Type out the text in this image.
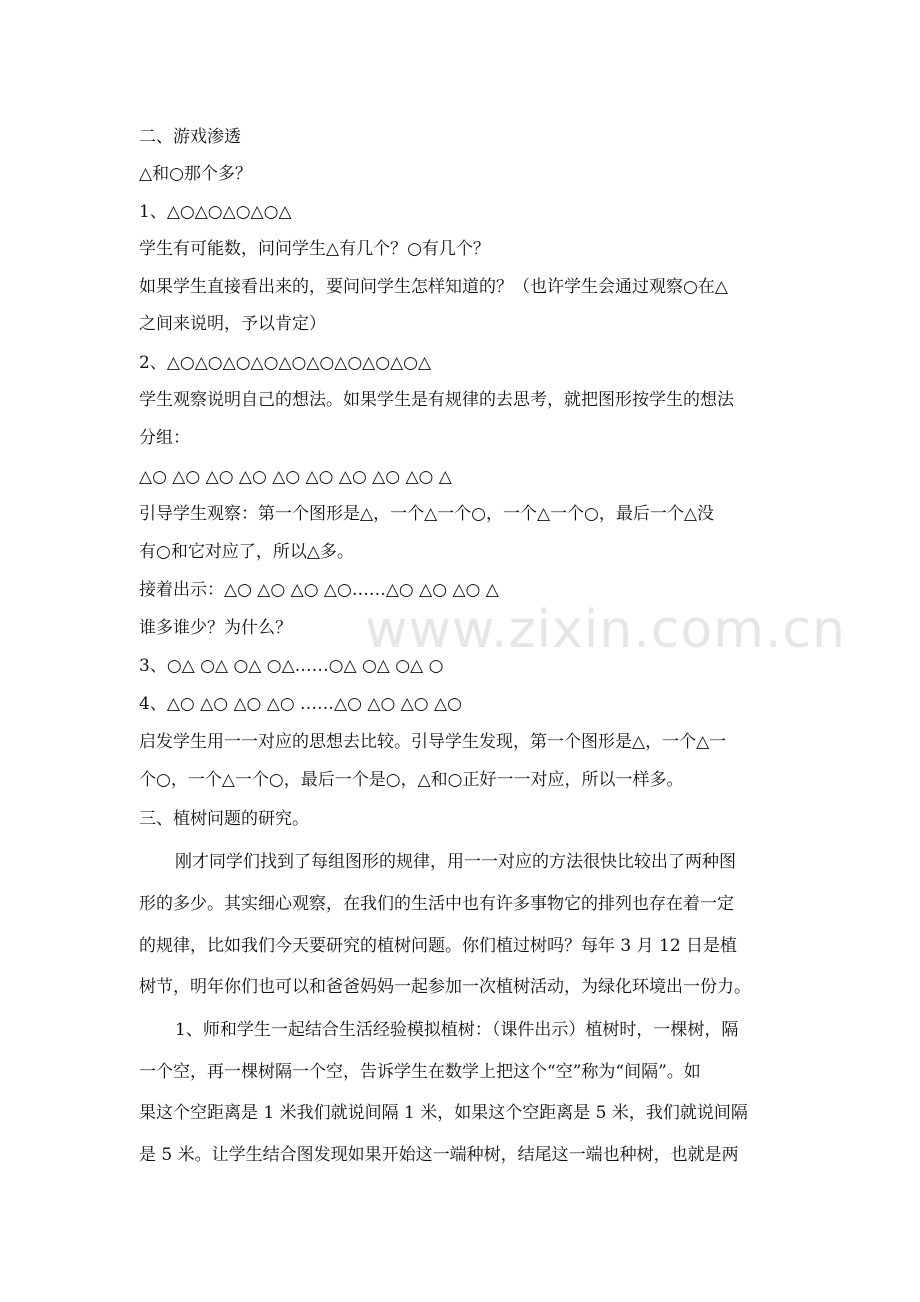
www.zixin.com.cn
二、游戏渗透
△和○那个多？
1、△○△○△○△○△
学生有可能数，问问学生△有几个？○有几个？
如果学生直接看出来的，要问问学生怎样知道的？（也许学生会通过观察○在△
之间来说明，予以肯定）
2、△○△○△○△○△○△○△○△○△○△
学生观察说明自己的想法。如果学生是有规律的去思考，就把图形按学生的想法
分组：
△○ △○ △○ △○ △○ △○ △○ △○ △○ △
引导学生观察：第一个图形是△，一个△一个○，一个△一个○，最后一个△没
有○和它对应了，所以△多。
接着出示：△○ △○ △○ △○……△○ △○ △○ △
谁多谁少？为什么？
3、○△ ○△ ○△ ○△……○△ ○△ ○△ ○
4、△○ △○ △○ △○ ……△○ △○ △○ △○
启发学生用一一对应的思想去比较。引导学生发现，第一个图形是△，一个△一
个○，一个△一个○，最后一个是○，△和○正好一一对应，所以一样多。
三、植树问题的研究。
刚才同学们找到了每组图形的规律，用一一对应的方法很快比较出了两种图
形的多少。其实细心观察，在我们的生活中也有许多事物它的排列也存在着一定
的规律，比如我们今天要研究的植树问题。你们植过树吗？每年 3 月 12 日是植
树节，明年你们也可以和爸爸妈妈一起参加一次植树活动，为绿化环境出一份力。
1、师和学生一起结合生活经验模拟植树：（课件出示）植树时，一棵树，隔
一个空，再一棵树隔一个空，告诉学生在数学上把这个“空”称为“间隔”。如
果这个空距离是 1 米我们就说间隔 1 米，如果这个空距离是 5 米，我们就说间隔
是 5 米。让学生结合图发现如果开始这一端种树，结尾这一端也种树，也就是两
